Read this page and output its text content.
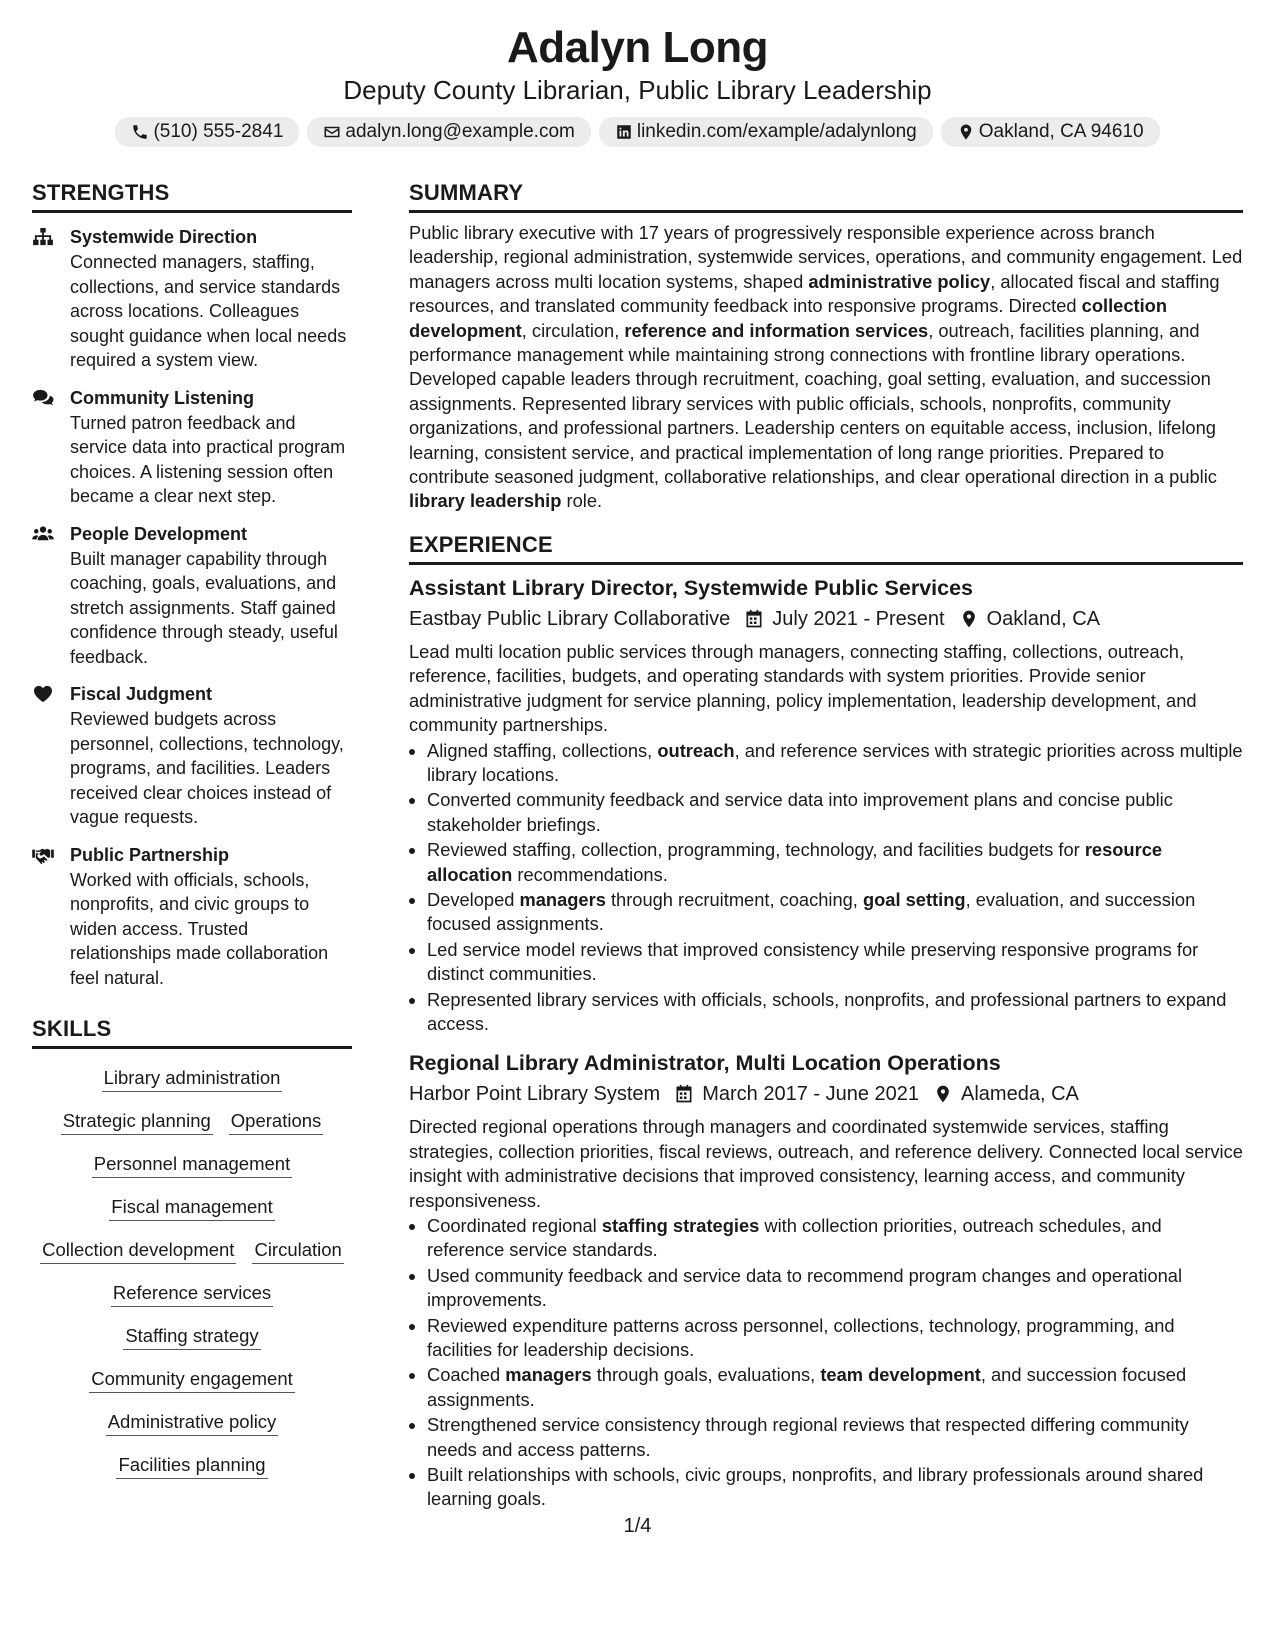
Adalyn Long
Deputy County Librarian, Public Library Leadership
(510) 555-2841	adalyn.long@example.com	linkedin.com/example/adalynlong	Oakland, CA 94610
STRENGTHS
Systemwide Direction
Connected managers, staffing, collections, and service standards across locations. Colleagues sought guidance when local needs required a system view.
Community Listening
Turned patron feedback and service data into practical program choices. A listening session often became a clear next step.
People Development
Built manager capability through coaching, goals, evaluations, and stretch assignments. Staff gained confidence through steady, useful feedback.
Fiscal Judgment
Reviewed budgets across personnel, collections, technology, programs, and facilities. Leaders received clear choices instead of vague requests.
Public Partnership
Worked with officials, schools, nonprofits, and civic groups to widen access. Trusted relationships made collaboration feel natural.
SKILLS
Library administration
Strategic planning Operations
Personnel management
Fiscal management
Collection development Circulation
Reference services
Staffing strategy
Community engagement
Administrative policy
Facilities planning
SUMMARY
Public library executive with 17 years of progressively responsible experience across branch leadership, regional administration, systemwide services, operations, and community engagement. Led managers across multi location systems, shaped administrative policy, allocated fiscal and staffing resources, and translated community feedback into responsive programs. Directed collection development, circulation, reference and information services, outreach, facilities planning, and performance management while maintaining strong connections with frontline library operations. Developed capable leaders through recruitment, coaching, goal setting, evaluation, and succession assignments. Represented library services with public officials, schools, nonprofits, community organizations, and professional partners. Leadership centers on equitable access, inclusion, lifelong learning, consistent service, and practical implementation of long range priorities. Prepared to contribute seasoned judgment, collaborative relationships, and clear operational direction in a public library leadership role.
EXPERIENCE
Assistant Library Director, Systemwide Public Services
Eastbay Public Library Collaborative July 2021 - Present Oakland, CA
Lead multi location public services through managers, connecting staffing, collections, outreach, reference, facilities, budgets, and operating standards with system priorities. Provide senior administrative judgment for service planning, policy implementation, leadership development, and community partnerships.
• Aligned staffing, collections, outreach, and reference services with strategic priorities across multiple library locations.
• Converted community feedback and service data into improvement plans and concise public stakeholder briefings.
• Reviewed staffing, collection, programming, technology, and facilities budgets for resource allocation recommendations.
• Developed managers through recruitment, coaching, goal setting, evaluation, and succession focused assignments.
• Led service model reviews that improved consistency while preserving responsive programs for distinct communities.
• Represented library services with officials, schools, nonprofits, and professional partners to expand access.
Regional Library Administrator, Multi Location Operations
Harbor Point Library System March 2017 - June 2021 Alameda, CA
Directed regional operations through managers and coordinated systemwide services, staffing strategies, collection priorities, fiscal reviews, outreach, and reference delivery. Connected local service insight with administrative decisions that improved consistency, learning access, and community responsiveness.
• Coordinated regional staffing strategies with collection priorities, outreach schedules, and reference service standards.
• Used community feedback and service data to recommend program changes and operational improvements.
• Reviewed expenditure patterns across personnel, collections, technology, programming, and facilities for leadership decisions.
• Coached managers through goals, evaluations, team development, and succession focused assignments.
• Strengthened service consistency through regional reviews that respected differing community needs and access patterns.
• Built relationships with schools, civic groups, nonprofits, and library professionals around shared learning goals.
1/4
